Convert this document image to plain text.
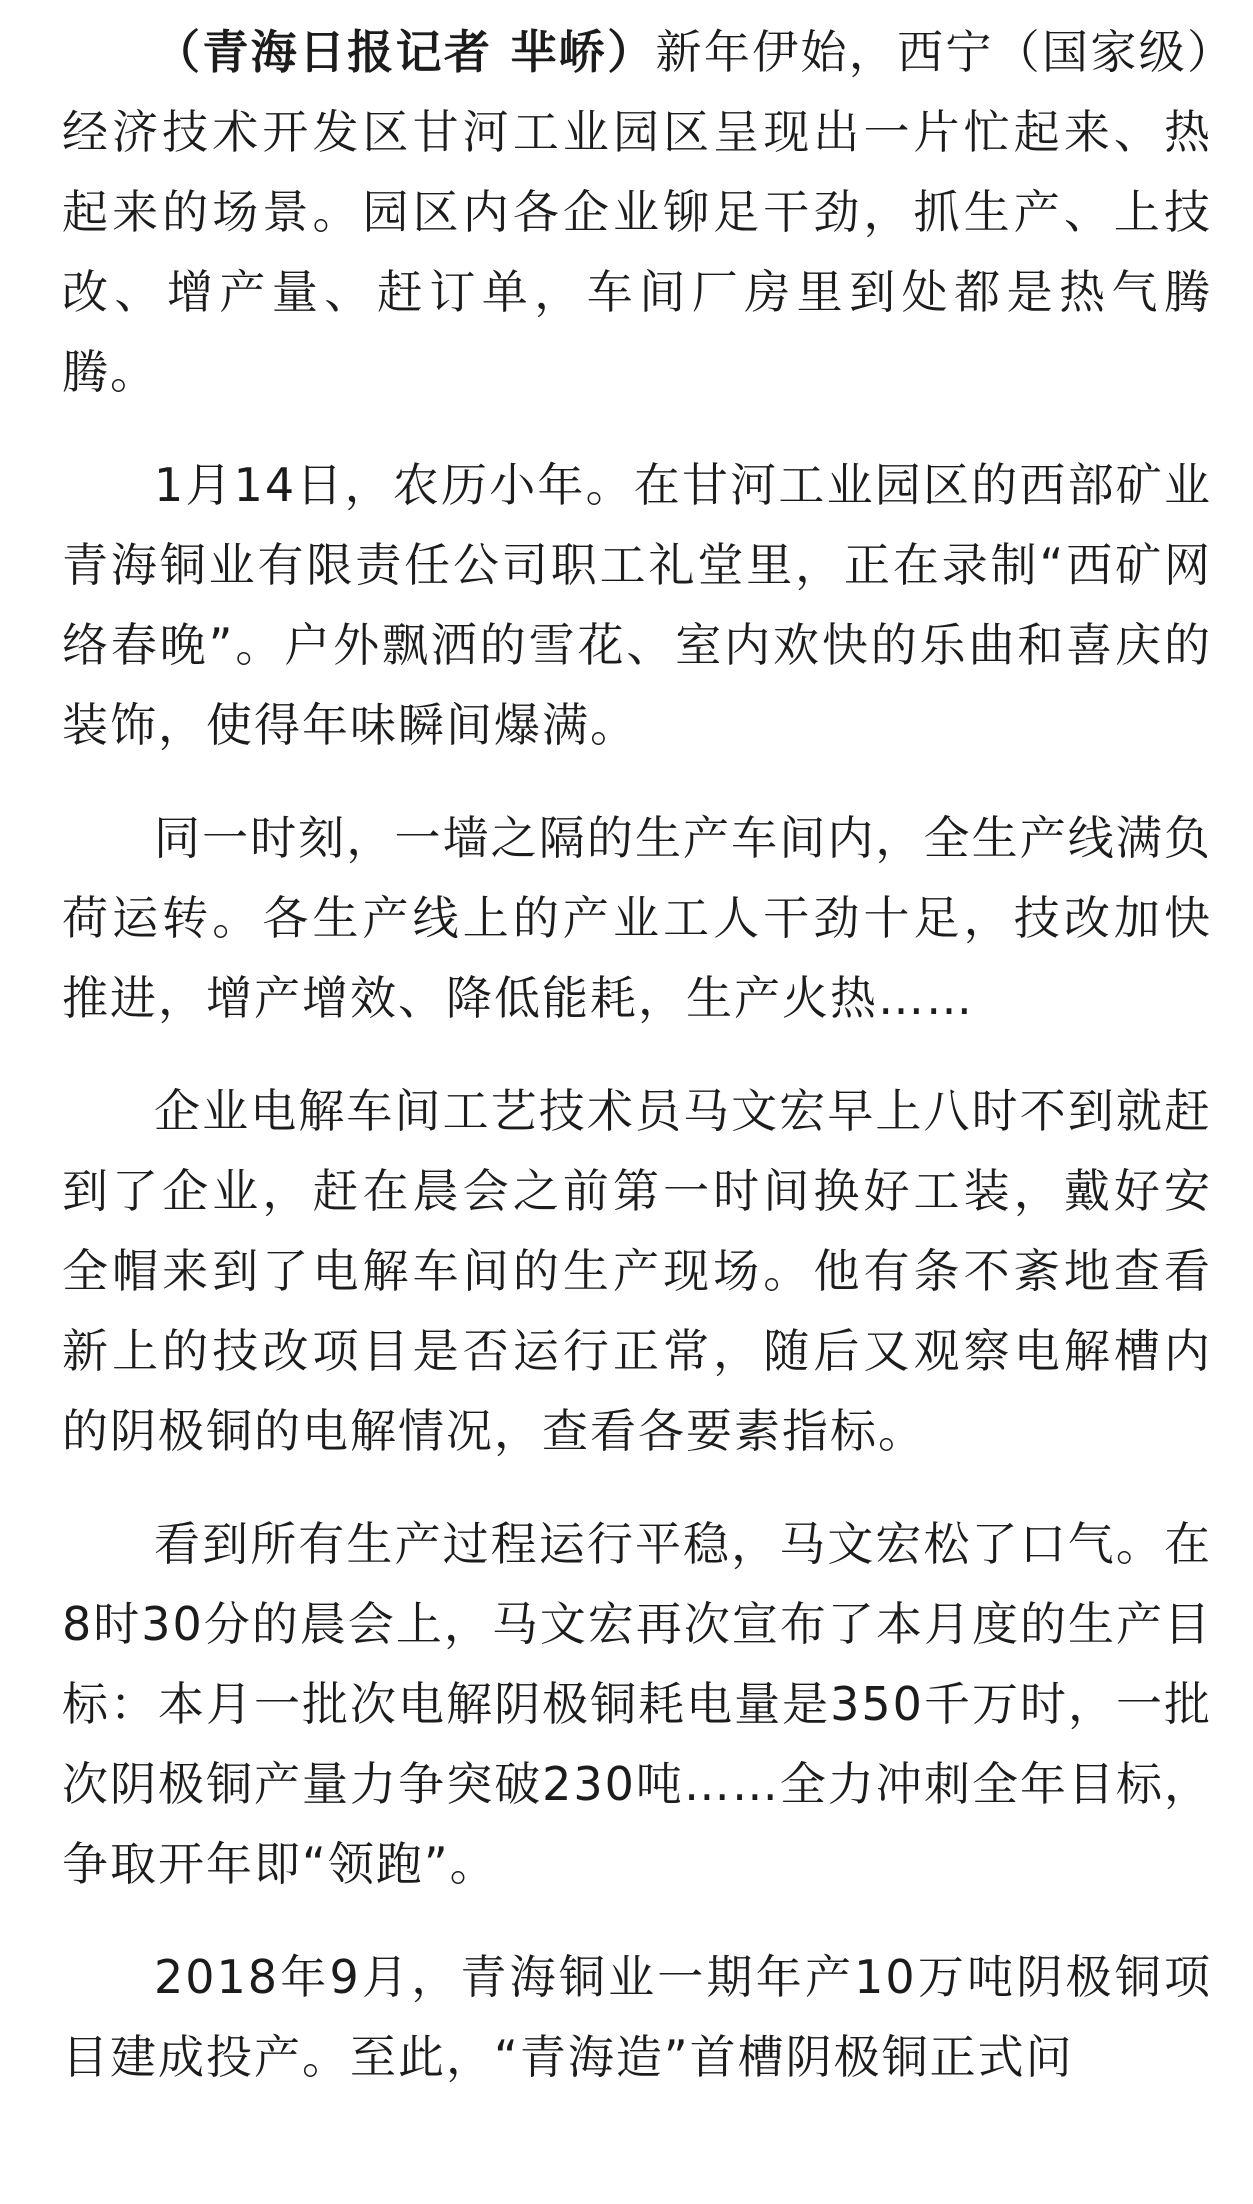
（青海日报记者 芈峤）新年伊始，西宁（国家级）经济技术开发区甘河工业园区呈现出一片忙起来、热起来的场景。园区内各企业铆足干劲，抓生产、上技改、增产量、赶订单，车间厂房里到处都是热气腾腾。

1月14日，农历小年。在甘河工业园区的西部矿业青海铜业有限责任公司职工礼堂里，正在录制“西矿网络春晚”。户外飘洒的雪花、室内欢快的乐曲和喜庆的装饰，使得年味瞬间爆满。

同一时刻，一墙之隔的生产车间内，全生产线满负荷运转。各生产线上的产业工人干劲十足，技改加快推进，增产增效、降低能耗，生产火热……

企业电解车间工艺技术员马文宏早上八时不到就赶到了企业，赶在晨会之前第一时间换好工装，戴好安全帽来到了电解车间的生产现场。他有条不紊地查看新上的技改项目是否运行正常，随后又观察电解槽内的阴极铜的电解情况，查看各要素指标。

看到所有生产过程运行平稳，马文宏松了口气。在8时30分的晨会上，马文宏再次宣布了本月度的生产目标：本月一批次电解阴极铜耗电量是350千万时，一批次阴极铜产量力争突破230吨……全力冲刺全年目标，争取开年即“领跑”。

2018年9月，青海铜业一期年产10万吨阴极铜项目建成投产。至此，“青海造”首槽阴极铜正式问
